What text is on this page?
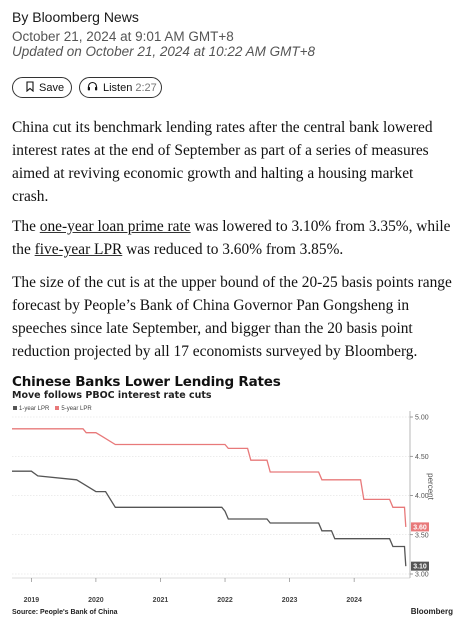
By Bloomberg News
October 21, 2024 at 9:01 AM GMT+8
Updated on October 21, 2024 at 10:22 AM GMT+8
Save	Listen 2:27

China cut its benchmark lending rates after the central bank lowered interest rates at the end of September as part of a series of measures aimed at reviving economic growth and halting a housing market crash.

The one-year loan prime rate was lowered to 3.10% from 3.35%, while the five-year LPR was reduced to 3.60% from 3.85%.

The size of the cut is at the upper bound of the 20-25 basis points range forecast by People’s Bank of China Governor Pan Gongsheng in speeches since late September, and bigger than the 20 basis point reduction projected by all 17 economists surveyed by Bloomberg.

Chinese Banks Lower Lending Rates
Move follows PBOC interest rate cuts
1-year LPR	5-year LPR
5.00
4.50
4.00
3.50
3.00
2019	2020	2021	2022	2023	2024
3.10
3.60
percent
Source: People's Bank of China	Bloomberg
